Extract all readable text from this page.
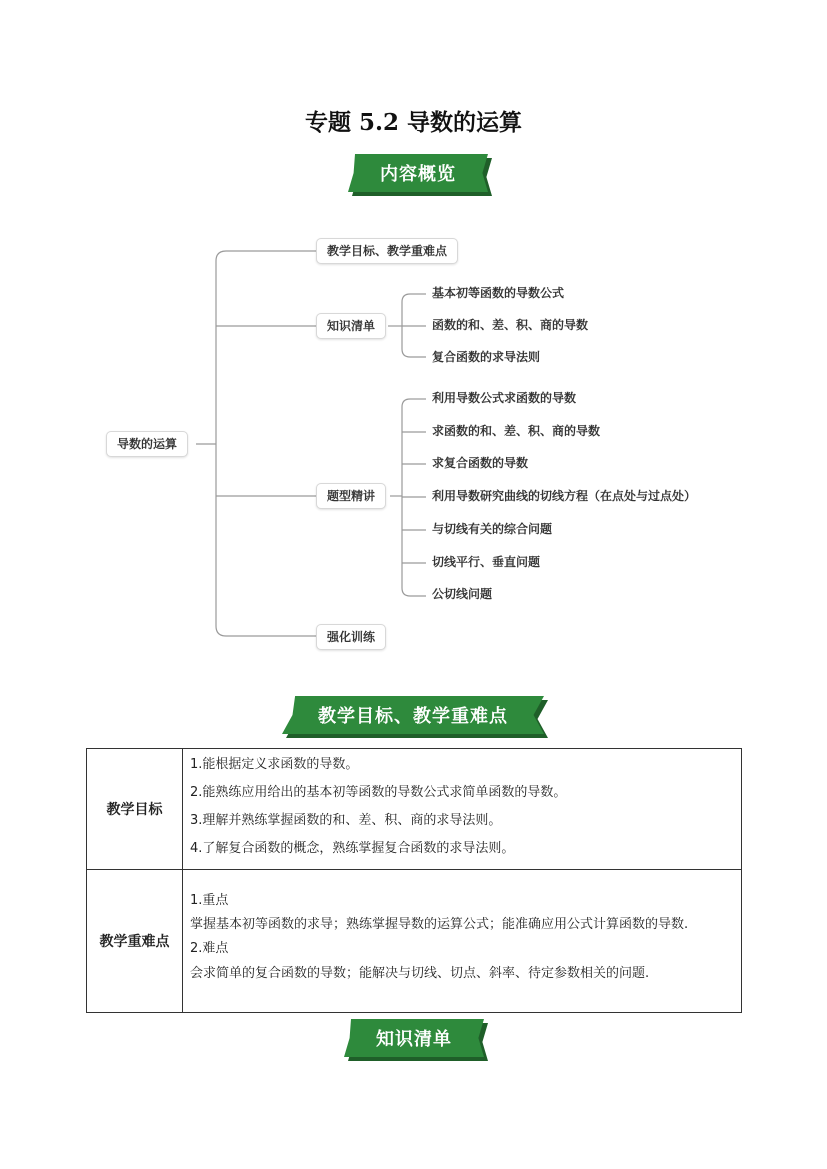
专题 5.2 导数的运算
内容概览
导数的运算
教学目标、教学重难点
知识清单
题型精讲
强化训练
基本初等函数的导数公式
函数的和、差、积、商的导数
复合函数的求导法则
利用导数公式求函数的导数
求函数的和、差、积、商的导数
求复合函数的导数
利用导数研究曲线的切线方程（在点处与过点处）
与切线有关的综合问题
切线平行、垂直问题
公切线问题
教学目标、教学重难点
教学目标	1.能根据定义求函数的导数。
2.能熟练应用给出的基本初等函数的导数公式求简单函数的导数。
3.理解并熟练掌握函数的和、差、积、商的求导法则。
4.了解复合函数的概念，熟练掌握复合函数的求导法则。

教学重难点	1.重点
掌握基本初等函数的求导；熟练掌握导数的运算公式；能准确应用公式计算函数的导数.
2.难点
会求简单的复合函数的导数；能解决与切线、切点、斜率、待定参数相关的问题.
知识清单
